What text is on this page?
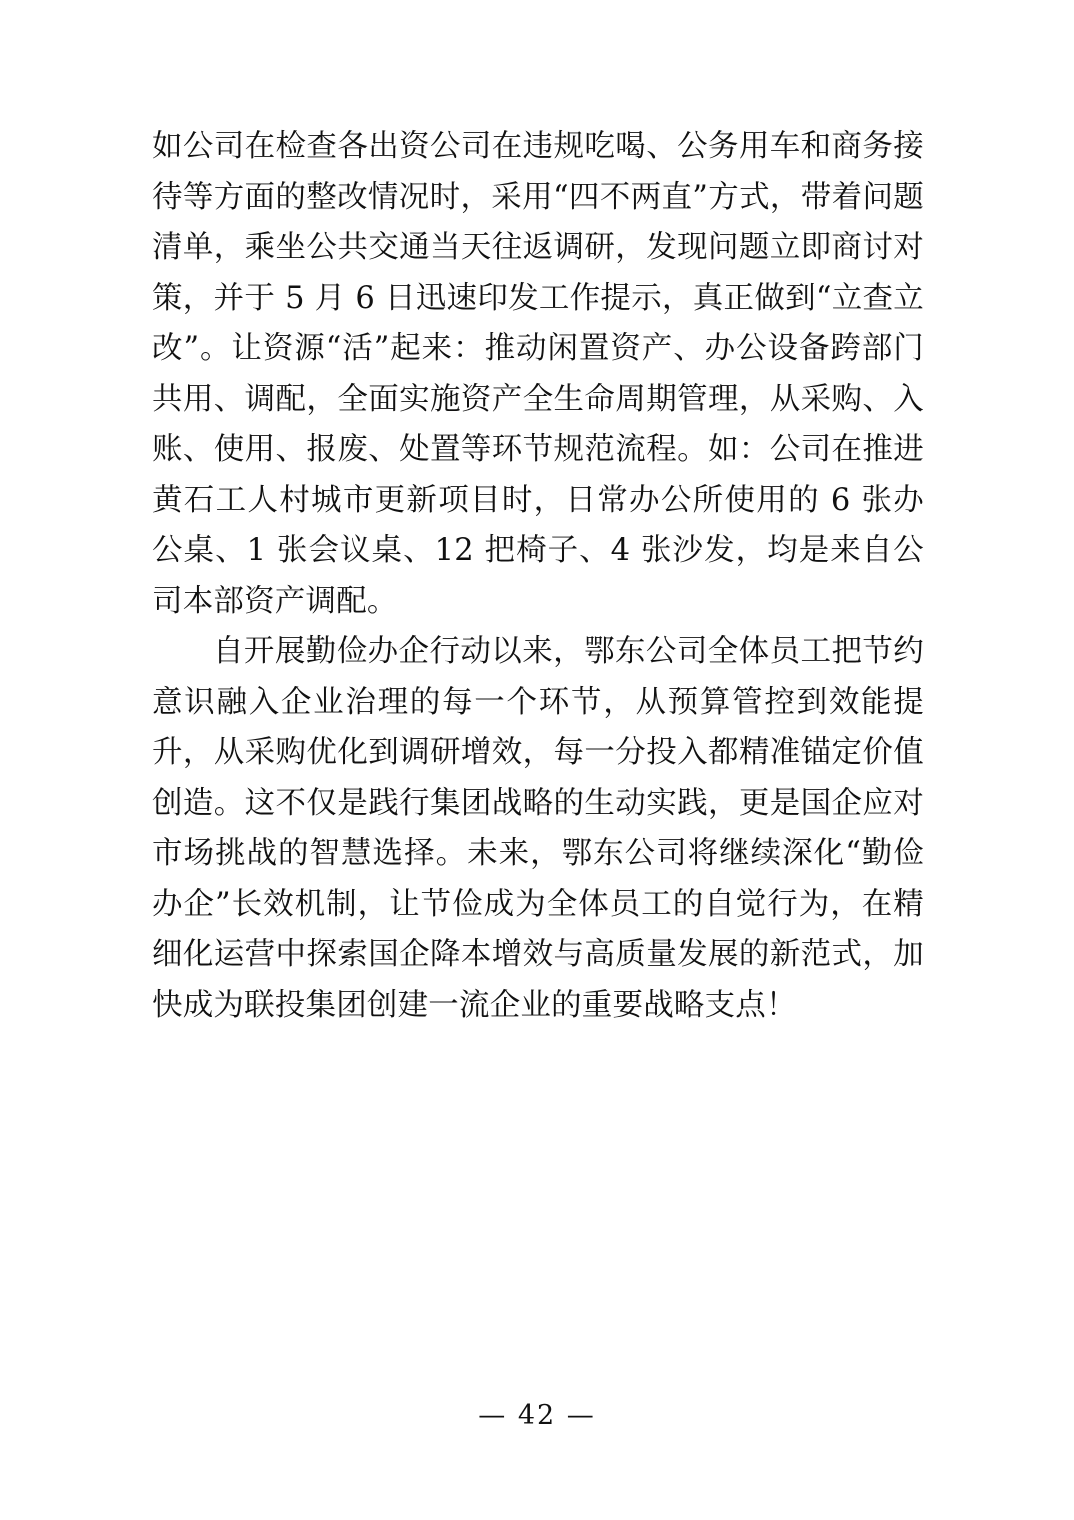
如公司在检查各出资公司在违规吃喝、公务用车和商务接待等方面的整改情况时，采用“四不两直”方式，带着问题清单，乘坐公共交通当天往返调研，发现问题立即商讨对策，并于 5 月 6 日迅速印发工作提示，真正做到“立查立改”。让资源“活”起来：推动闲置资产、办公设备跨部门共用、调配，全面实施资产全生命周期管理，从采购、入账、使用、报废、处置等环节规范流程。如：公司在推进黄石工人村城市更新项目时，日常办公所使用的 6 张办公桌、1 张会议桌、12 把椅子、4 张沙发，均是来自公司本部资产调配。

自开展勤俭办企行动以来，鄂东公司全体员工把节约意识融入企业治理的每一个环节，从预算管控到效能提升，从采购优化到调研增效，每一分投入都精准锚定价值创造。这不仅是践行集团战略的生动实践，更是国企应对市场挑战的智慧选择。未来，鄂东公司将继续深化“勤俭办企”长效机制，让节俭成为全体员工的自觉行为，在精细化运营中探索国企降本增效与高质量发展的新范式，加快成为联投集团创建一流企业的重要战略支点！

— 42 —
